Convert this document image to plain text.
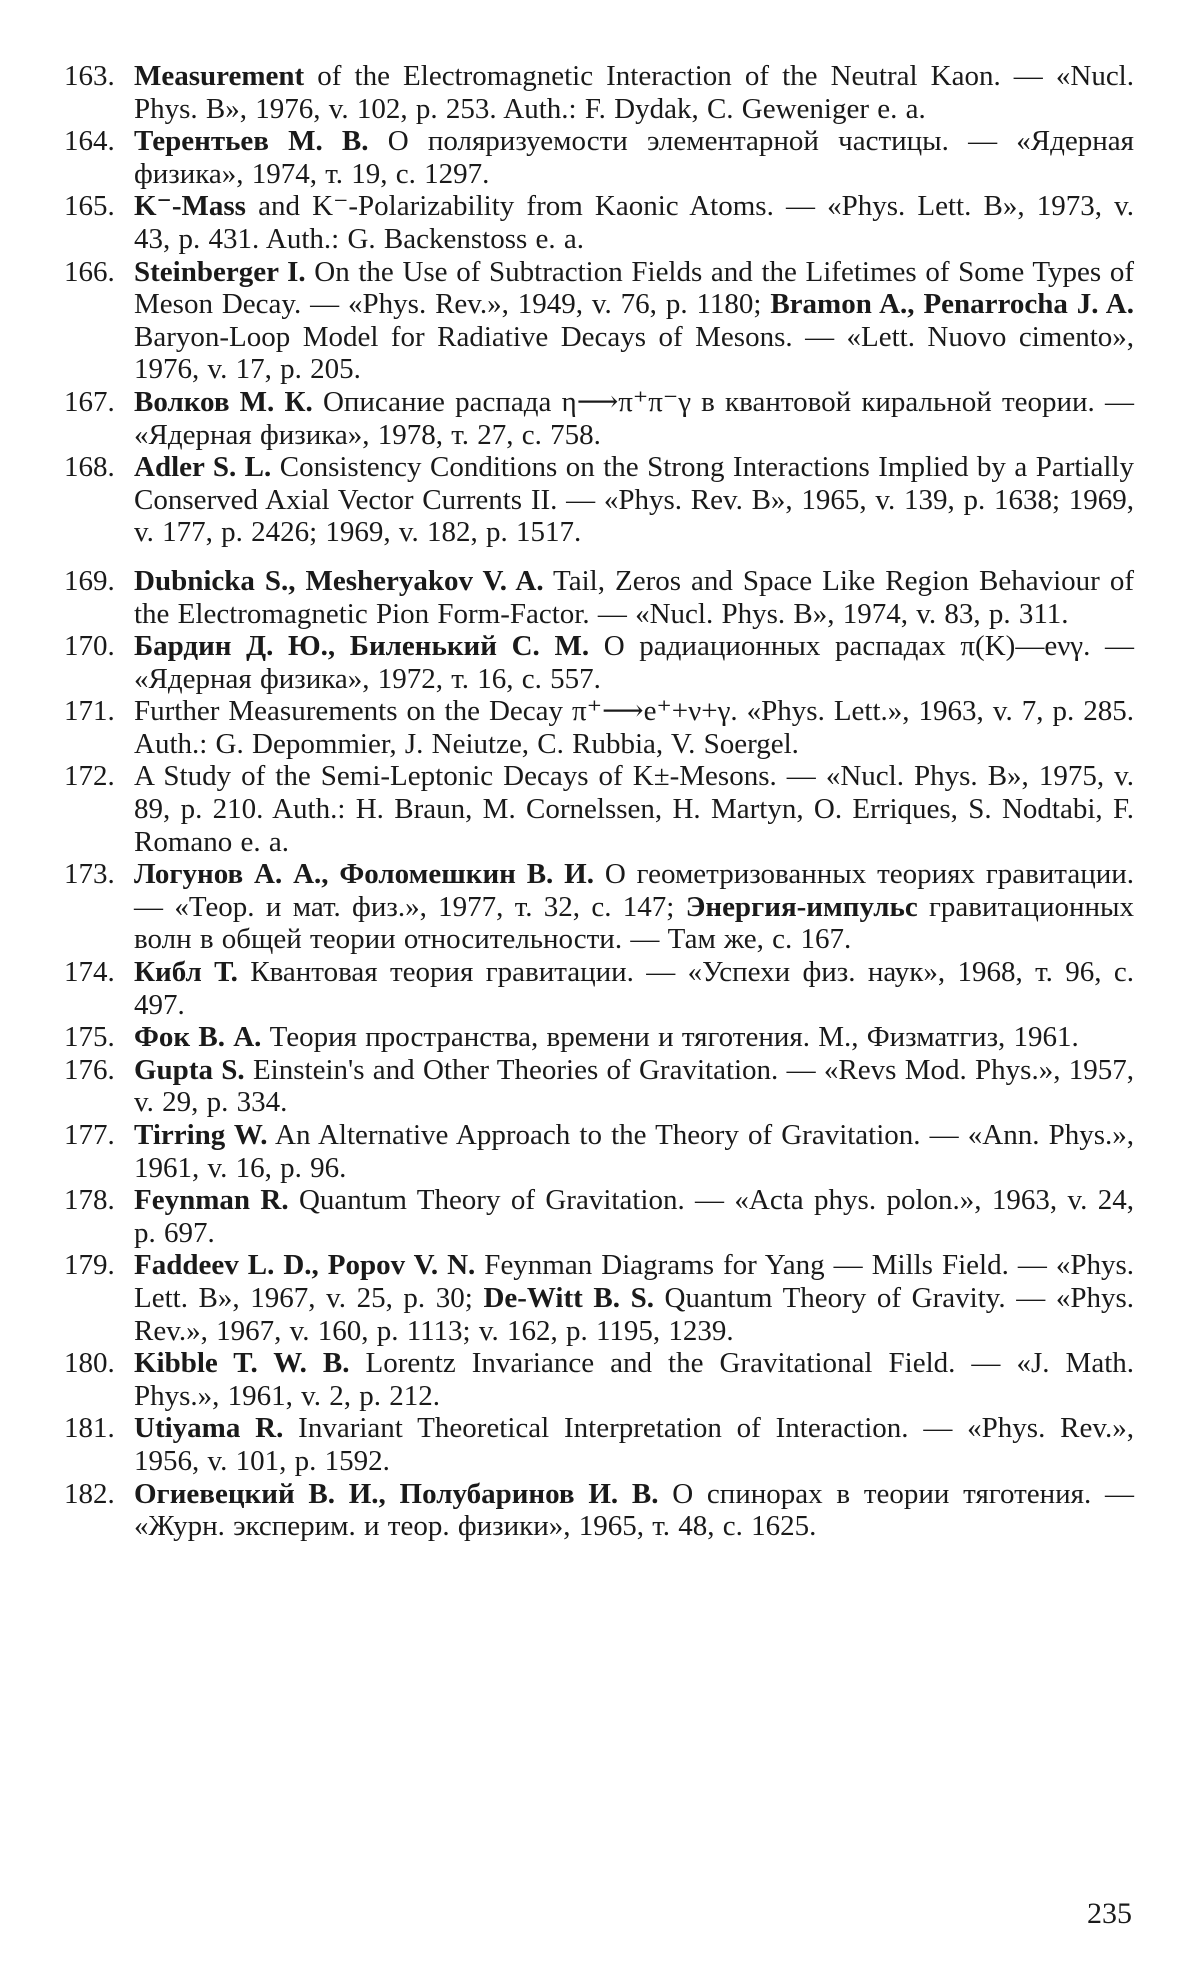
163. Measurement of the Electromagnetic Interaction of the Neutral Kaon. — «Nucl. Phys. B», 1976, v. 102, p. 253. Auth.: F. Dydak, C. Geweniger e. a.
164. Терентьев М. В. О поляризуемости элементарной частицы. — «Ядерная физика», 1974, т. 19, с. 1297.
165. K⁻-Mass and K⁻-Polarizability from Kaonic Atoms. — «Phys. Lett. B», 1973, v. 43, p. 431. Auth.: G. Backenstoss e. a.
166. Steinberger I. On the Use of Subtraction Fields and the Lifetimes of Some Types of Meson Decay. — «Phys. Rev.», 1949, v. 76, p. 1180; Bramon A., Penarrocha J. A. Baryon-Loop Model for Radiative Decays of Mesons. — «Lett. Nuovo cimento», 1976, v. 17, p. 205.
167. Волков М. К. Описание распада η⟶π⁺π⁻γ в квантовой киральной теории. — «Ядерная физика», 1978, т. 27, с. 758.
168. Adler S. L. Consistency Conditions on the Strong Interactions Implied by a Partially Conserved Axial Vector Currents II. — «Phys. Rev. B», 1965, v. 139, p. 1638; 1969, v. 177, p. 2426; 1969, v. 182, p. 1517.
169. Dubnicka S., Mesheryakov V. A. Tail, Zeros and Space Like Region Behaviour of the Electromagnetic Pion Form-Factor. — «Nucl. Phys. B», 1974, v. 83, p. 311.
170. Бардин Д. Ю., Биленький С. М. О радиационных распадах π(K)—eνγ. — «Ядерная физика», 1972, т. 16, с. 557.
171. Further Measurements on the Decay π⁺⟶e⁺+ν+γ. «Phys. Lett.», 1963, v. 7, p. 285. Auth.: G. Depommier, J. Neiutze, C. Rubbia, V. Soergel.
172. A Study of the Semi-Leptonic Decays of K±-Mesons. — «Nucl. Phys. B», 1975, v. 89, p. 210. Auth.: H. Braun, M. Cornelssen, H. Martyn, O. Erriques, S. Nodtabi, F. Romano e. a.
173. Логунов А. А., Фоломешкин В. И. О геометризованных теориях гравитации. — «Теор. и мат. физ.», 1977, т. 32, с. 147; Энергия-импульс гравитационных волн в общей теории относительности. — Там же, с. 167.
174. Кибл Т. Квантовая теория гравитации. — «Успехи физ. наук», 1968, т. 96, с. 497.
175. Фок В. А. Теория пространства, времени и тяготения. М., Физматгиз, 1961.
176. Gupta S. Einstein's and Other Theories of Gravitation. — «Revs Mod. Phys.», 1957, v. 29, p. 334.
177. Tirring W. An Alternative Approach to the Theory of Gravitation. — «Ann. Phys.», 1961, v. 16, p. 96.
178. Feynman R. Quantum Theory of Gravitation. — «Acta phys. polon.», 1963, v. 24, p. 697.
179. Faddeev L. D., Popov V. N. Feynman Diagrams for Yang — Mills Field. — «Phys. Lett. B», 1967, v. 25, p. 30; De-Witt B. S. Quantum Theory of Gravity. — «Phys. Rev.», 1967, v. 160, p. 1113; v. 162, p. 1195, 1239.
180. Kibble T. W. B. Lorentz Invariance and the Gravitational Field. — «J. Math. Phys.», 1961, v. 2, p. 212.
181. Utiyama R. Invariant Theoretical Interpretation of Interaction. — «Phys. Rev.», 1956, v. 101, p. 1592.
182. Огиевецкий В. И., Полубаринов И. В. О спинорах в теории тяготения. — «Журн. эксперим. и теор. физики», 1965, т. 48, с. 1625.
235
